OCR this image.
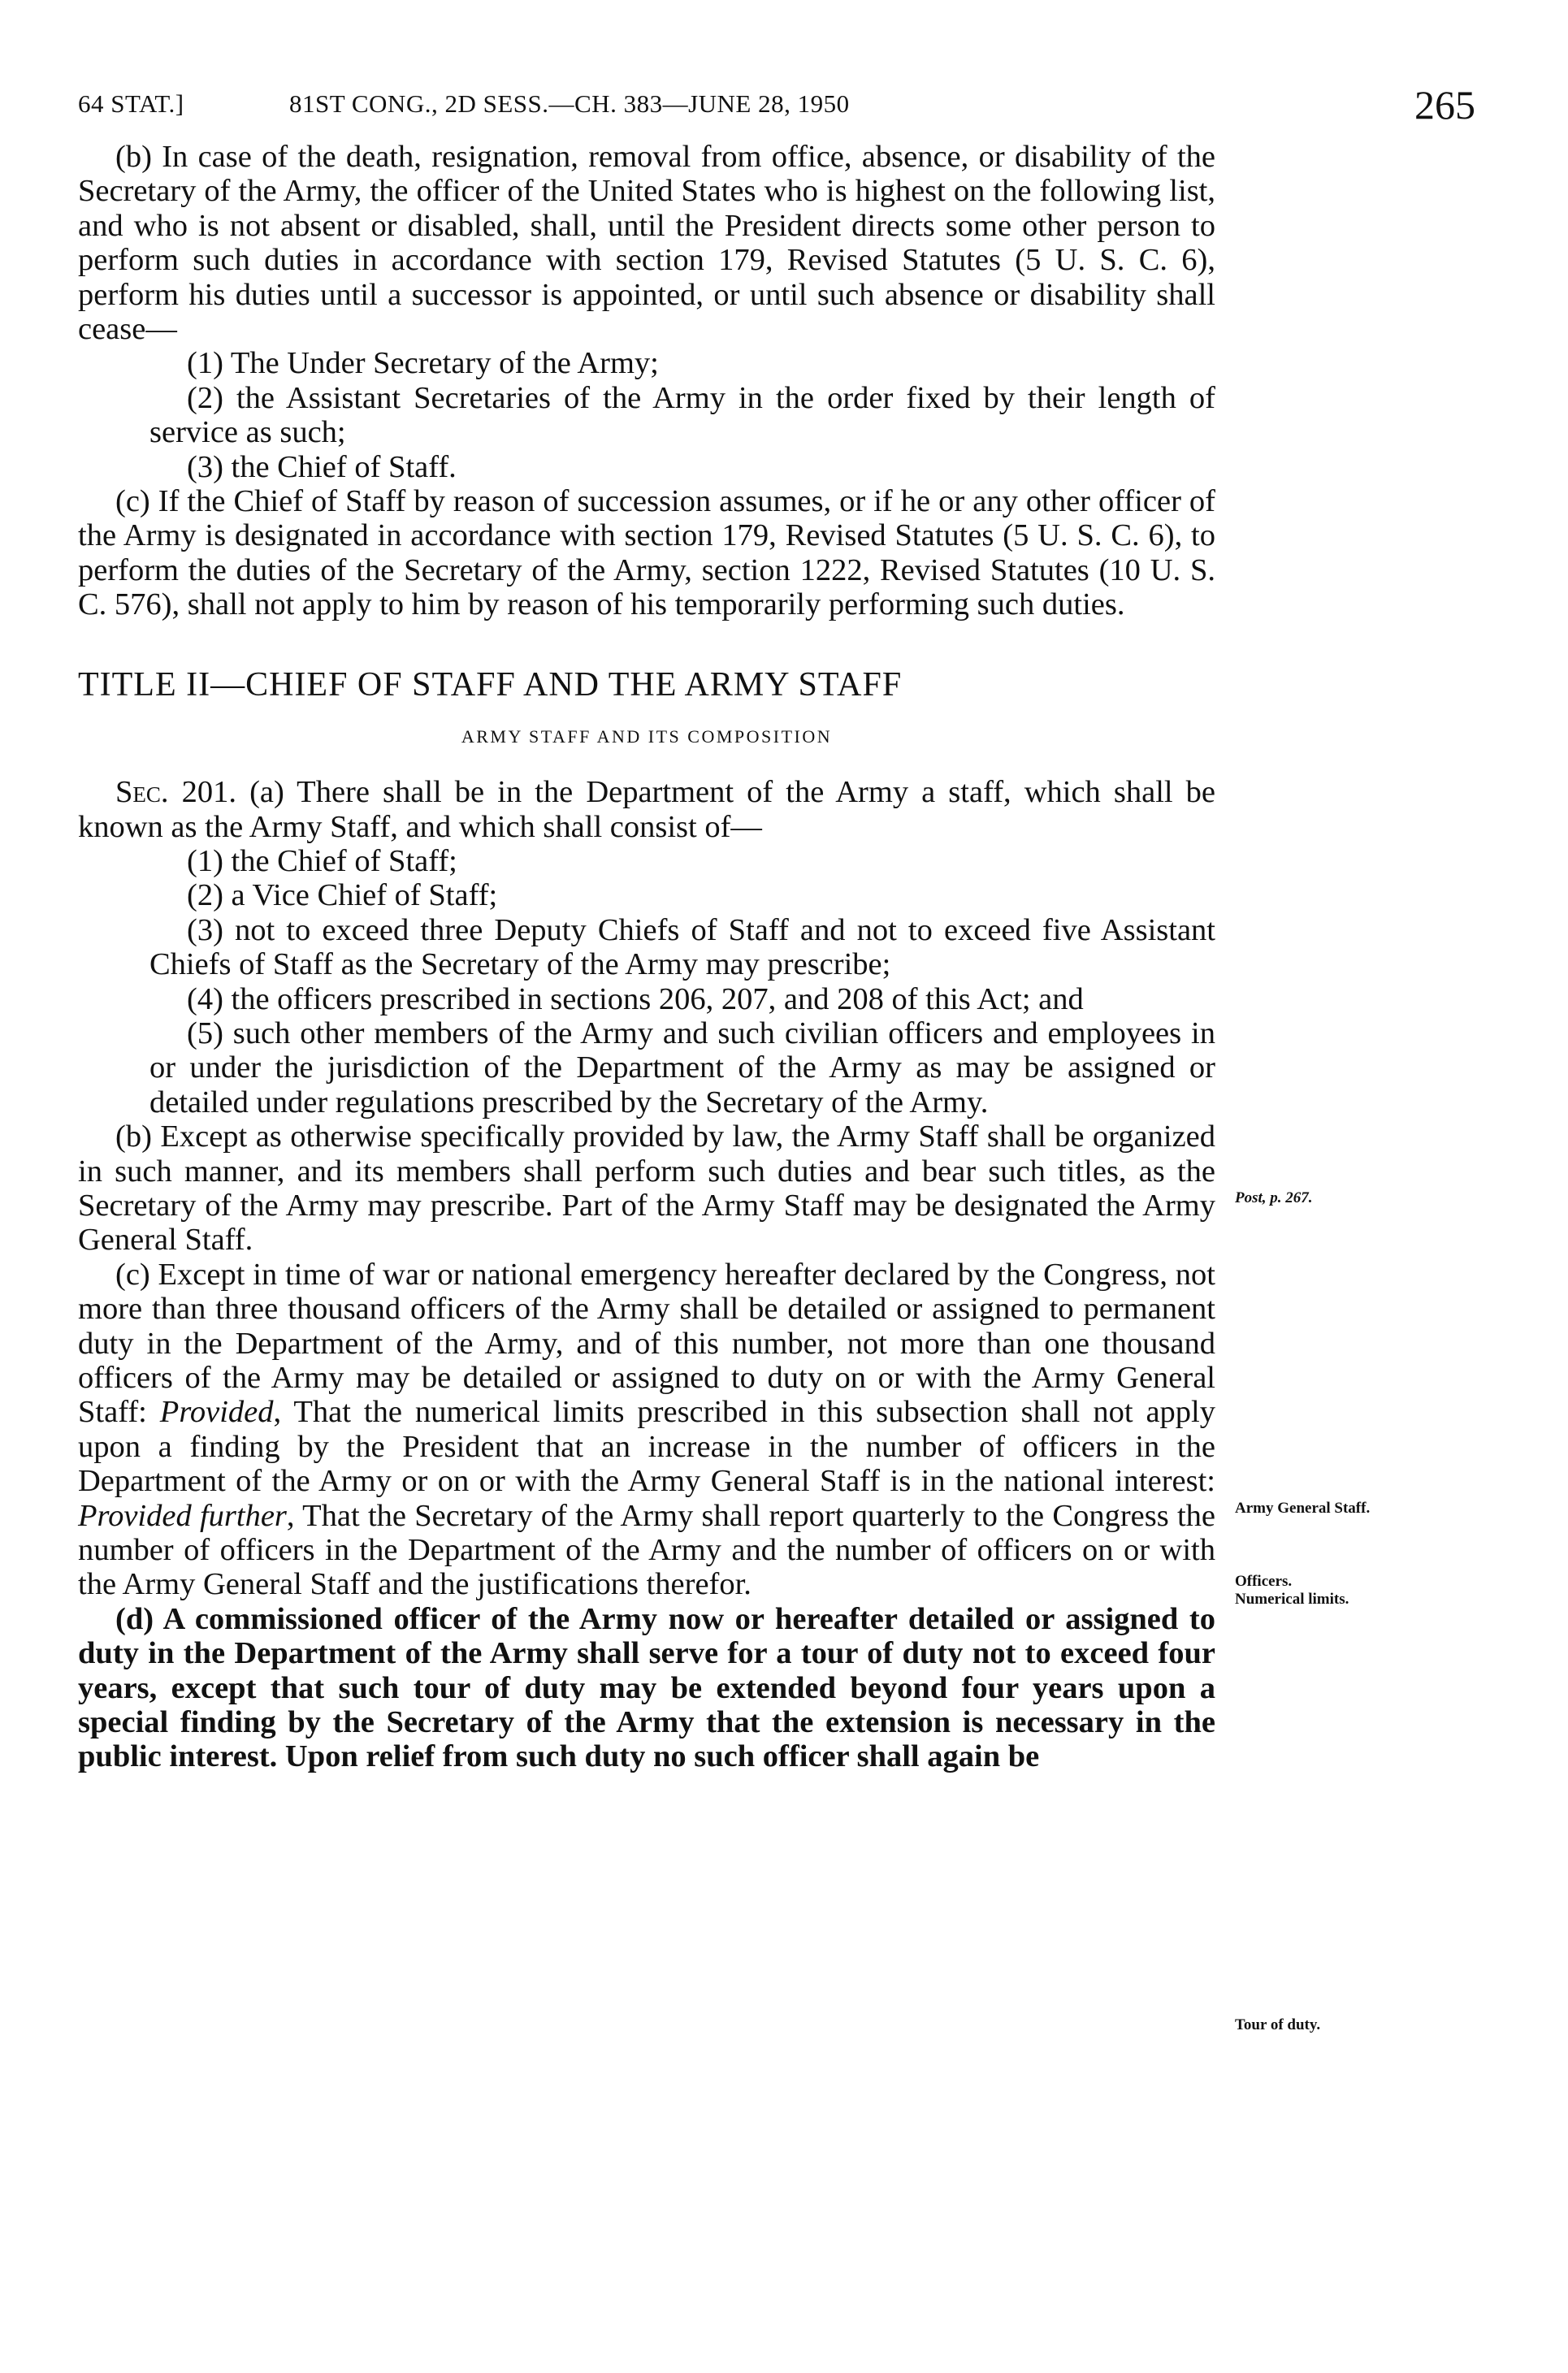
64 STAT.]	81ST CONG., 2D SESS.—CH. 383—JUNE 28, 1950	265

(b) In case of the death, resignation, removal from office, absence, or disability of the Secretary of the Army, the officer of the United States who is highest on the following list, and who is not absent or disabled, shall, until the President directs some other person to perform such duties in accordance with section 179, Revised Statutes (5 U. S. C. 6), perform his duties until a successor is appointed, or until such absence or disability shall cease—

(1) The Under Secretary of the Army;

(2) the Assistant Secretaries of the Army in the order fixed by their length of service as such;

(3) the Chief of Staff.

(c) If the Chief of Staff by reason of succession assumes, or if he or any other officer of the Army is designated in accordance with section 179, Revised Statutes (5 U. S. C. 6), to perform the duties of the Secretary of the Army, section 1222, Revised Statutes (10 U. S. C. 576), shall not apply to him by reason of his temporarily performing such duties.

TITLE II—CHIEF OF STAFF AND THE ARMY STAFF
ARMY STAFF AND ITS COMPOSITION

Sec. 201. (a) There shall be in the Department of the Army a staff, which shall be known as the Army Staff, and which shall consist of—

(1) the Chief of Staff;

(2) a Vice Chief of Staff;

(3) not to exceed three Deputy Chiefs of Staff and not to exceed five Assistant Chiefs of Staff as the Secretary of the Army may prescribe;

(4) the officers prescribed in sections 206, 207, and 208 of this Act; and

(5) such other members of the Army and such civilian officers and employees in or under the jurisdiction of the Department of the Army as may be assigned or detailed under regulations prescribed by the Secretary of the Army.

(b) Except as otherwise specifically provided by law, the Army Staff shall be organized in such manner, and its members shall perform such duties and bear such titles, as the Secretary of the Army may prescribe. Part of the Army Staff may be designated the Army General Staff.

(c) Except in time of war or national emergency hereafter declared by the Congress, not more than three thousand officers of the Army shall be detailed or assigned to permanent duty in the Department of the Army, and of this number, not more than one thousand officers of the Army may be detailed or assigned to duty on or with the Army General Staff: Provided, That the numerical limits prescribed in this subsection shall not apply upon a finding by the President that an increase in the number of officers in the Department of the Army or on or with the Army General Staff is in the national interest: Provided further, That the Secretary of the Army shall report quarterly to the Congress the number of officers in the Department of the Army and the number of officers on or with the Army General Staff and the justifications therefor.

(d) A commissioned officer of the Army now or hereafter detailed or assigned to duty in the Department of the Army shall serve for a tour of duty not to exceed four years, except that such tour of duty may be extended beyond four years upon a special finding by the Secretary of the Army that the extension is necessary in the public interest. Upon relief from such duty no such officer shall again be

Post, p. 267.
Army General Staff.
Officers.
Numerical limits.
Tour of duty.
